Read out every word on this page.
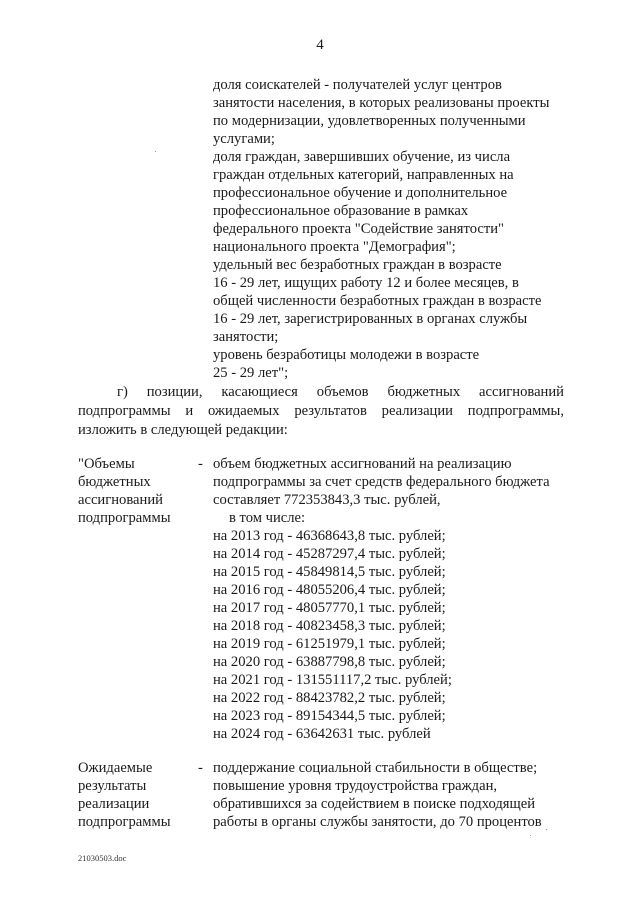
4
доля соискателей - получателей услуг центров
занятости населения, в которых реализованы проекты
по модернизации, удовлетворенных полученными
услугами;
доля граждан, завершивших обучение, из числа
граждан отдельных категорий, направленных на
профессиональное обучение и дополнительное
профессиональное образование в рамках
федерального проекта "Содействие занятости"
национального проекта "Демография";
удельный вес безработных граждан в возрасте
16 - 29 лет, ищущих работу 12 и более месяцев, в
общей численности безработных граждан в возрасте
16 - 29 лет, зарегистрированных в органах службы
занятости;
уровень безработицы молодежи в возрасте
25 - 29 лет";
г) позиции, касающиеся объемов бюджетных ассигнований
подпрограммы и ожидаемых результатов реализации подпрограммы,
изложить в следующей редакции:
"Объемы
бюджетных
ассигнований
подпрограммы
- объем бюджетных ассигнований на реализацию
подпрограммы за счет средств федерального бюджета
составляет 772353843,3 тыс. рублей,
в том числе:
на 2013 год - 46368643,8 тыс. рублей;
на 2014 год - 45287297,4 тыс. рублей;
на 2015 год - 45849814,5 тыс. рублей;
на 2016 год - 48055206,4 тыс. рублей;
на 2017 год - 48057770,1 тыс. рублей;
на 2018 год - 40823458,3 тыс. рублей;
на 2019 год - 61251979,1 тыс. рублей;
на 2020 год - 63887798,8 тыс. рублей;
на 2021 год - 131551117,2 тыс. рублей;
на 2022 год - 88423782,2 тыс. рублей;
на 2023 год - 89154344,5 тыс. рублей;
на 2024 год - 63642631 тыс. рублей
Ожидаемые
результаты
реализации
подпрограммы
- поддержание социальной стабильности в обществе;
повышение уровня трудоустройства граждан,
обратившихся за содействием в поиске подходящей
работы в органы службы занятости, до 70 процентов
21030503.doc
